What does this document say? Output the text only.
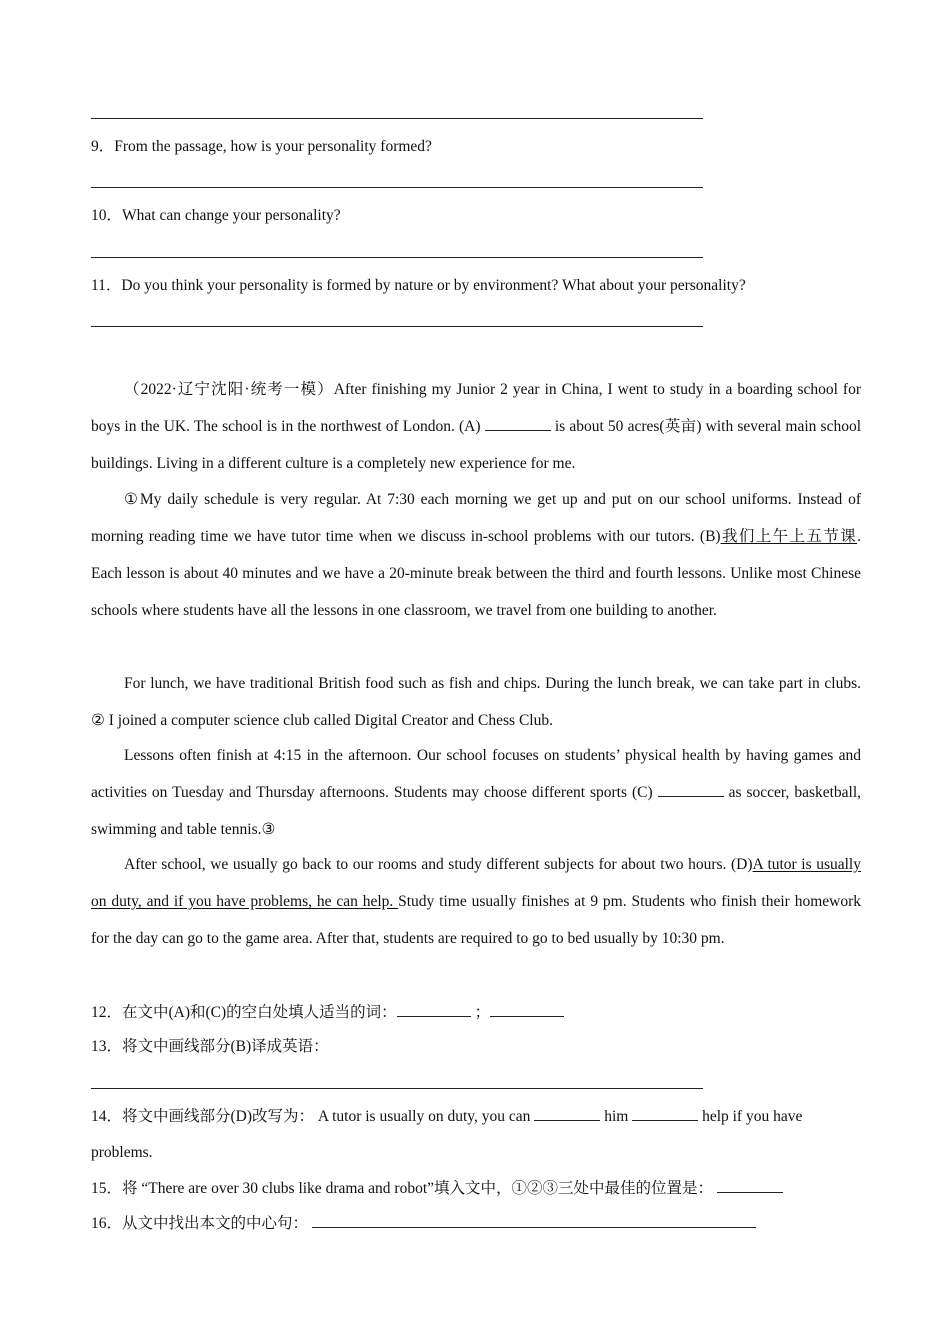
9．From the passage, how is your personality formed?
10．What can change your personality?
11．Do you think your personality is formed by nature or by environment? What about your personality?

（2022·辽宁沈阳·统考一模）After finishing my Junior 2 year in China, I went to study in a boarding school for boys in the UK. The school is in the northwest of London. (A)	is about 50 acres(英亩) with several main school buildings. Living in a different culture is a completely new experience for me.

①My daily schedule is very regular. At 7:30 each morning we get up and put on our school uniforms. Instead of morning reading time we have tutor time when we discuss in-school problems with our tutors. (B)我们上午上五节课. Each lesson is about 40 minutes and we have a 20-minute break between the third and fourth lessons. Unlike most Chinese schools where students have all the lessons in one classroom, we travel from one building to another.

For lunch, we have traditional British food such as fish and chips. During the lunch break, we can take part in clubs. ② I joined a computer science club called Digital Creator and Chess Club.

Lessons often finish at 4:15 in the afternoon. Our school focuses on students’ physical health by having games and activities on Tuesday and Thursday afternoons. Students may choose different sports (C)	as soccer, basketball, swimming and table tennis.③

After school, we usually go back to our rooms and study different subjects for about two hours. (D)A tutor is usually on duty, and if you have problems, he can help. Study time usually finishes at 9 pm. Students who finish their homework for the day can go to the game area. After that, students are required to go to bed usually by 10:30 pm.

12．在文中(A)和(C)的空白处填人适当的词：	；
13．将文中画线部分(B)译成英语：
14．将文中画线部分(D)改写为： A tutor is usually on duty, you can	him	help if you have
problems.
15．将 “There are over 30 clubs like drama and robot”填入文中，①②③三处中最佳的位置是：
16．从文中找出本文的中心句：
